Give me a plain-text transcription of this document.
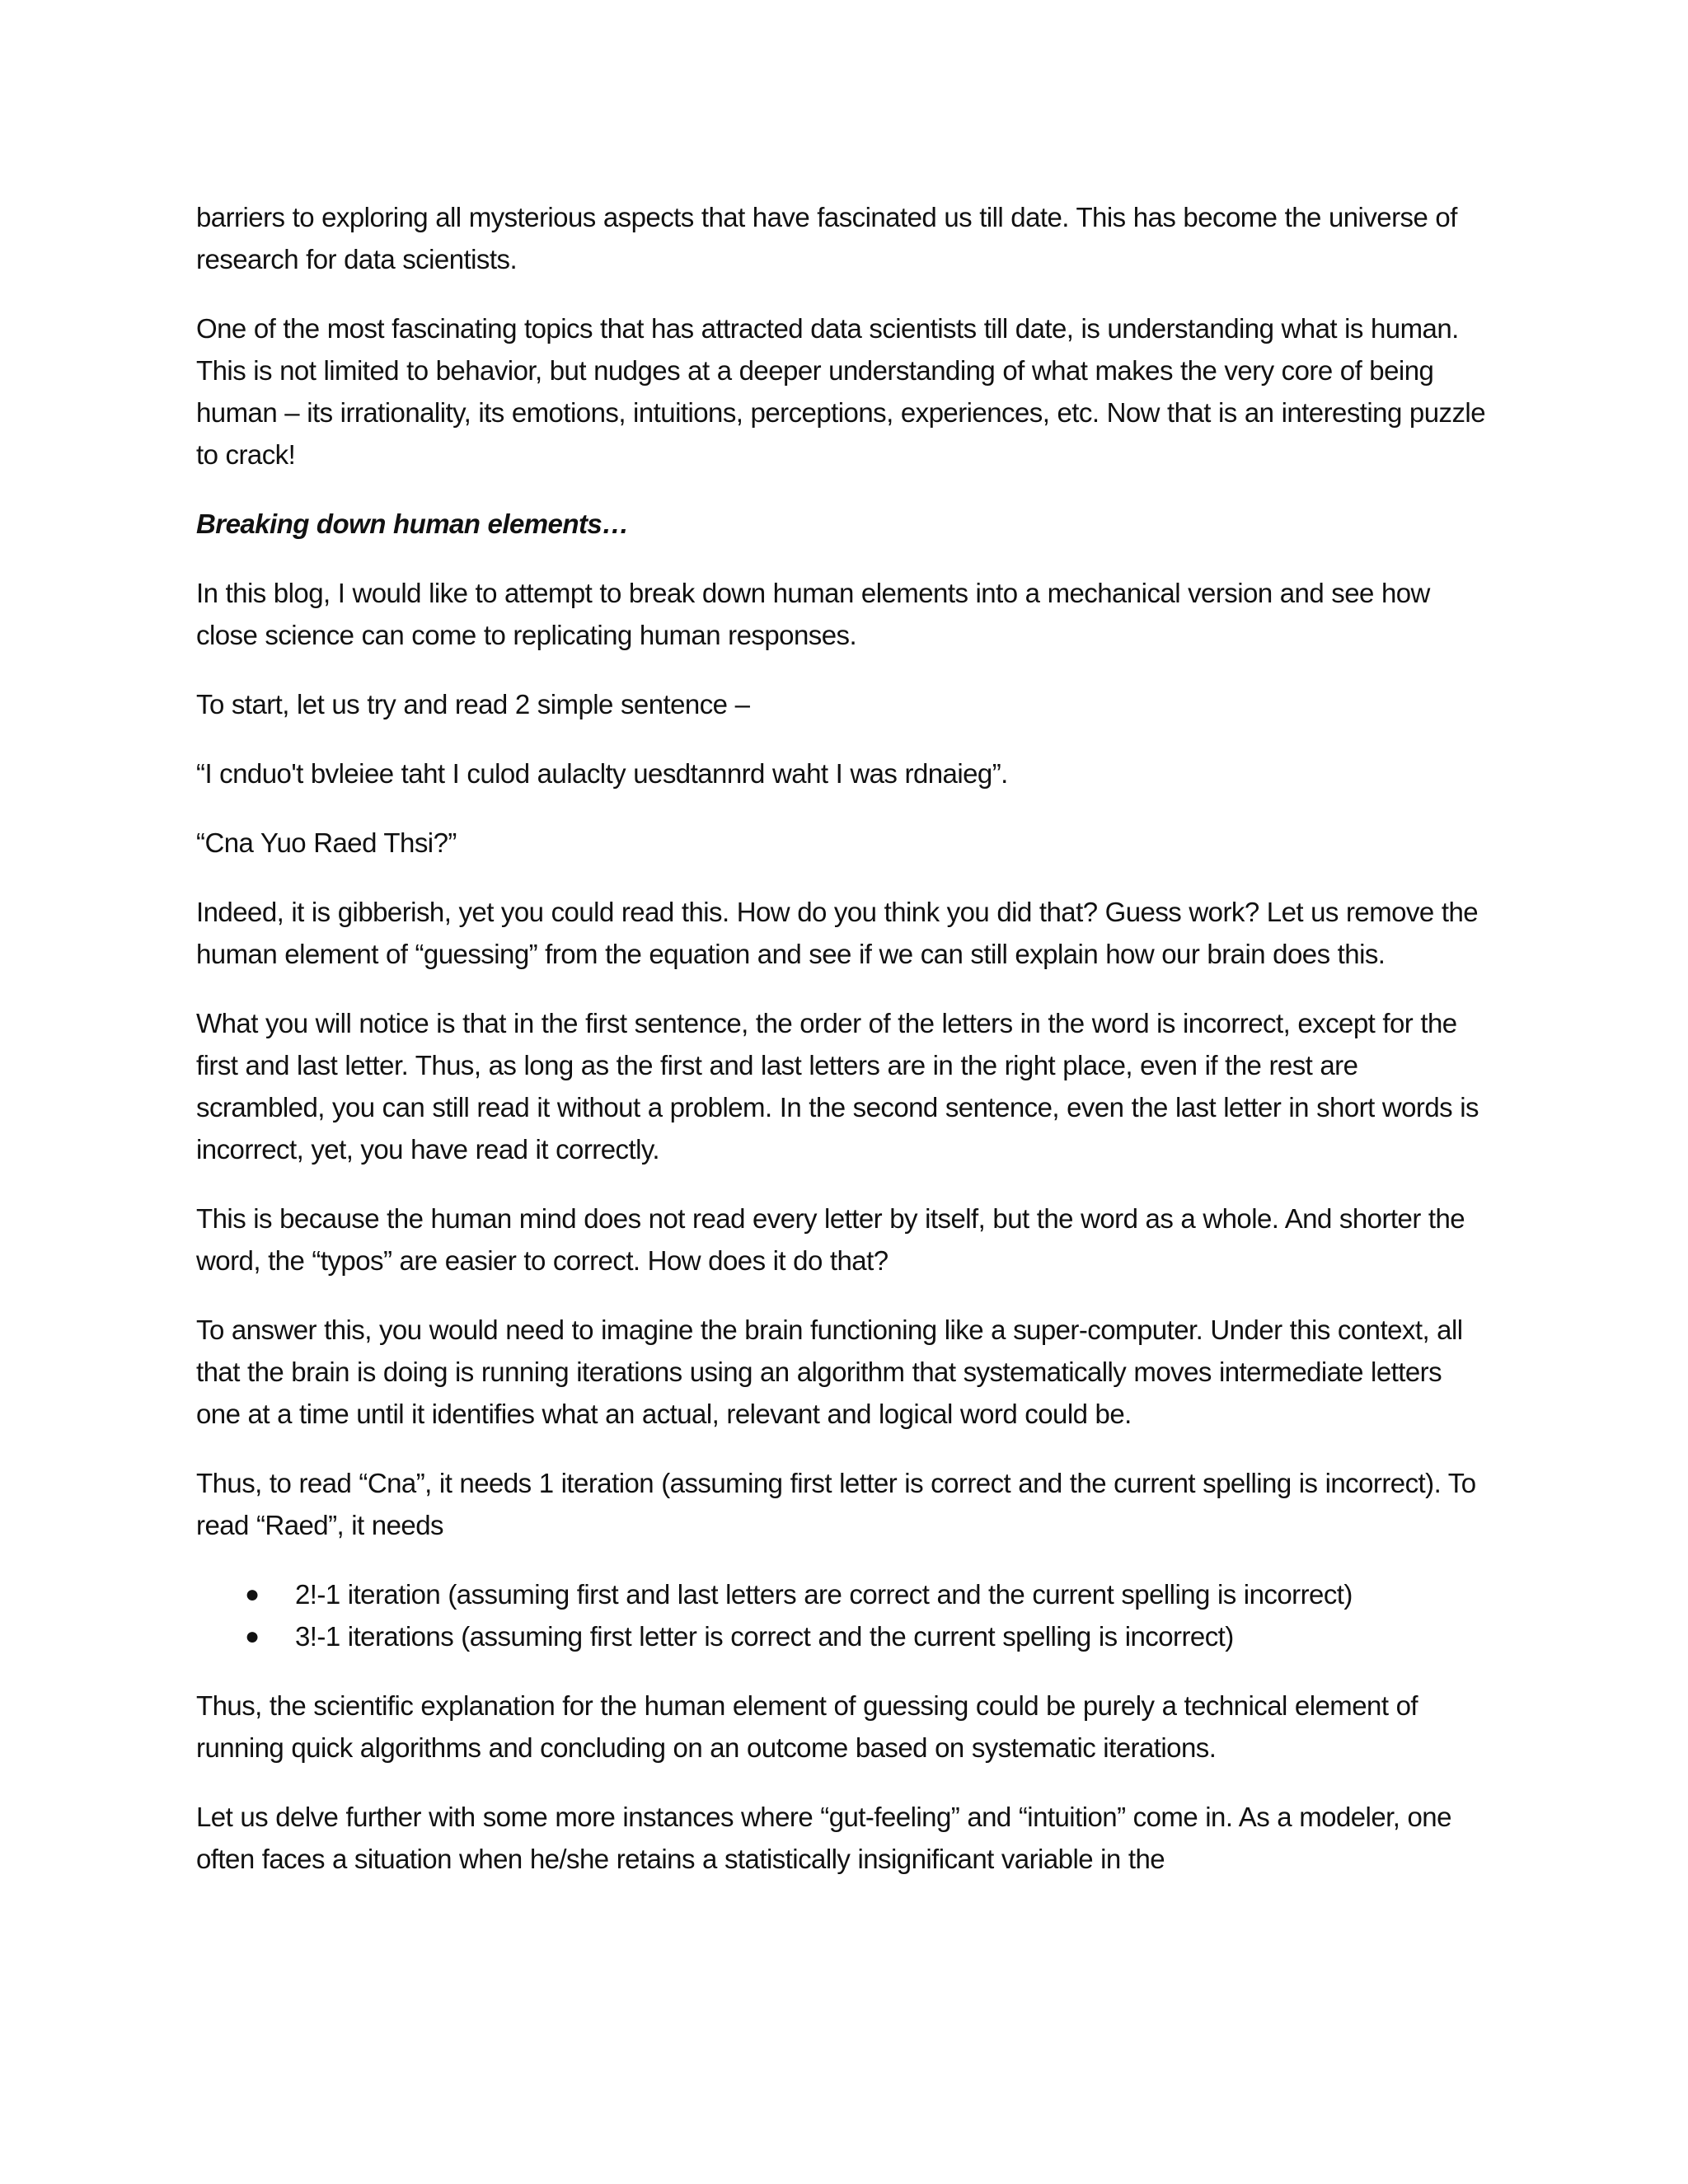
barriers to exploring all mysterious aspects that have fascinated us till date. This has become the universe of research for data scientists.

One of the most fascinating topics that has attracted data scientists till date, is understanding what is human. This is not limited to behavior, but nudges at a deeper understanding of what makes the very core of being human – its irrationality, its emotions, intuitions, perceptions, experiences, etc. Now that is an interesting puzzle to crack!

Breaking down human elements…

In this blog, I would like to attempt to break down human elements into a mechanical version and see how close science can come to replicating human responses.

To start, let us try and read 2 simple sentence –

“I cnduo't bvleiee taht I culod aulaclty uesdtannrd waht I was rdnaieg”.

“Cna Yuo Raed Thsi?”

Indeed, it is gibberish, yet you could read this. How do you think you did that? Guess work? Let us remove the human element of “guessing” from the equation and see if we can still explain how our brain does this.

What you will notice is that in the first sentence, the order of the letters in the word is incorrect, except for the first and last letter. Thus, as long as the first and last letters are in the right place, even if the rest are scrambled, you can still read it without a problem. In the second sentence, even the last letter in short words is incorrect, yet, you have read it correctly.

This is because the human mind does not read every letter by itself, but the word as a whole. And shorter the word, the “typos” are easier to correct. How does it do that?

To answer this, you would need to imagine the brain functioning like a super-computer. Under this context, all that the brain is doing is running iterations using an algorithm that systematically moves intermediate letters one at a time until it identifies what an actual, relevant and logical word could be.

Thus, to read “Cna”, it needs 1 iteration (assuming first letter is correct and the current spelling is incorrect). To read “Raed”, it needs

● 2!-1 iteration (assuming first and last letters are correct and the current spelling is incorrect)
● 3!-1 iterations (assuming first letter is correct and the current spelling is incorrect)

Thus, the scientific explanation for the human element of guessing could be purely a technical element of running quick algorithms and concluding on an outcome based on systematic iterations.

Let us delve further with some more instances where “gut-feeling” and “intuition” come in. As a modeler, one often faces a situation when he/she retains a statistically insignificant variable in the
